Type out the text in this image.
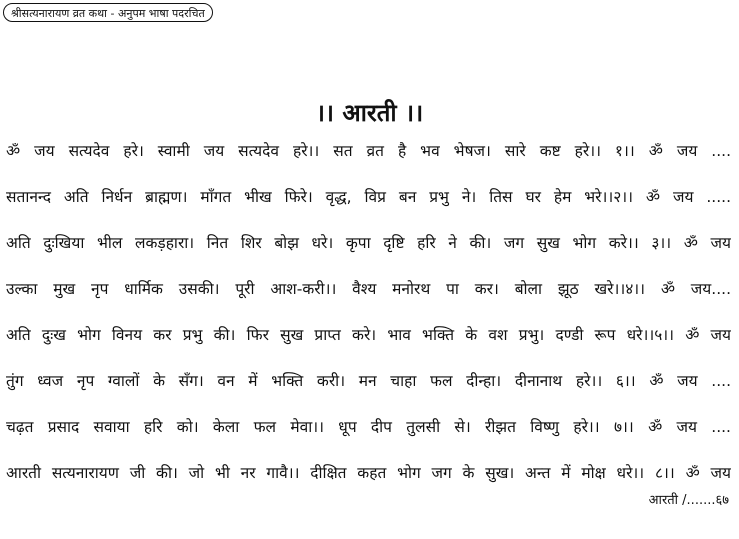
श्रीसत्यनारायण व्रत कथा - अनुपम भाषा पदरचित
।। आरती ।।
ॐ जय सत्यदेव हरे। स्वामी जय सत्यदेव हरे।। सत व्रत है भव भेषज। सारे कष्ट हरे।। १।। ॐ जय ....
सतानन्द अति निर्धन ब्राह्मण। माँगत भीख फिरे। वृद्ध, विप्र बन प्रभु ने। तिस घर हेम भरे।।२।। ॐ जय .....
अति दुःखिया भील लकड़हारा। नित शिर बोझ धरे। कृपा दृष्टि हरि ने की। जग सुख भोग करे।। ३।। ॐ जय
उल्का मुख नृप धार्मिक उसकी। पूरी आश-करी।। वैश्य मनोरथ पा कर। बोला झूठ खरे।।४।। ॐ जय....
अति दुःख भोग विनय कर प्रभु की। फिर सुख प्राप्त करे। भाव भक्ति के वश प्रभु। दण्डी रूप धरे।।५।। ॐ जय
तुंग ध्वज नृप ग्वालों के सँग। वन में भक्ति करी। मन चाहा फल दीन्हा। दीनानाथ हरे।। ६।। ॐ जय ....
चढ़त प्रसाद सवाया हरि को। केला फल मेवा।। धूप दीप तुलसी से। रीझत विष्णु हरे।। ७।। ॐ जय ....
आरती सत्यनारायण जी की। जो भी नर गावै।। दीक्षित कहत भोग जग के सुख। अन्त में मोक्ष धरे।। ८।। ॐ जय
आरती /.......६७
